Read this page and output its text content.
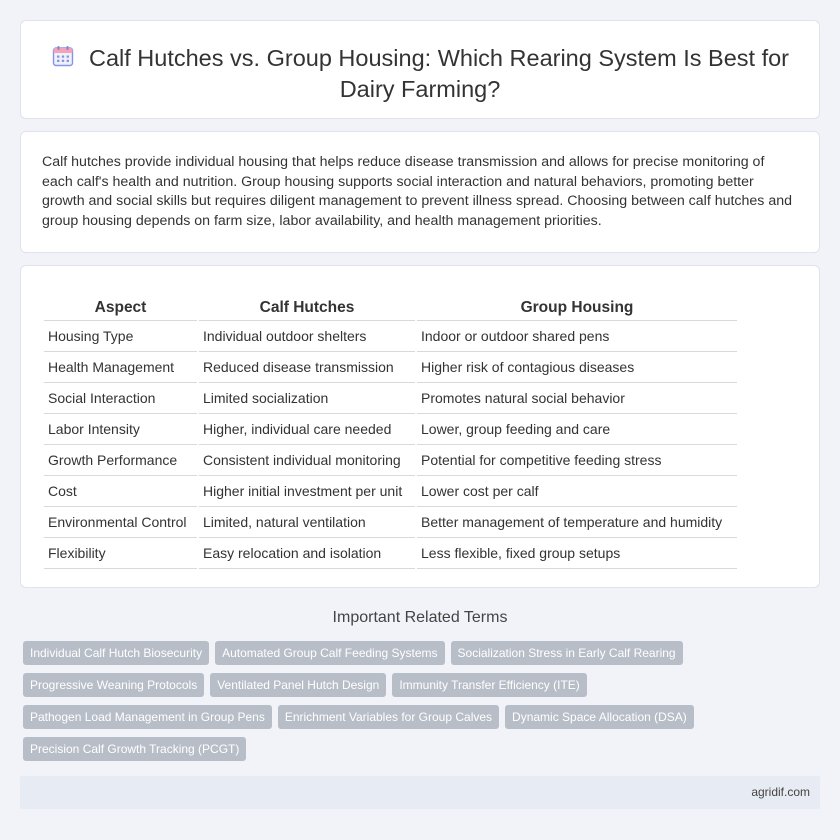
Calf Hutches vs. Group Housing: Which Rearing System Is Best for Dairy Farming?

Calf hutches provide individual housing that helps reduce disease transmission and allows for precise monitoring of each calf's health and nutrition. Group housing supports social interaction and natural behaviors, promoting better growth and social skills but requires diligent management to prevent illness spread. Choosing between calf hutches and group housing depends on farm size, labor availability, and health management priorities.

Aspect	Calf Hutches	Group Housing
Housing Type	Individual outdoor shelters	Indoor or outdoor shared pens
Health Management	Reduced disease transmission	Higher risk of contagious diseases
Social Interaction	Limited socialization	Promotes natural social behavior
Labor Intensity	Higher, individual care needed	Lower, group feeding and care
Growth Performance	Consistent individual monitoring	Potential for competitive feeding stress
Cost	Higher initial investment per unit	Lower cost per calf
Environmental Control	Limited, natural ventilation	Better management of temperature and humidity
Flexibility	Easy relocation and isolation	Less flexible, fixed group setups
Important Related Terms
Individual Calf Hutch Biosecurity	Automated Group Calf Feeding Systems	Socialization Stress in Early Calf Rearing
Progressive Weaning Protocols	Ventilated Panel Hutch Design	Immunity Transfer Efficiency (ITE)
Pathogen Load Management in Group Pens	Enrichment Variables for Group Calves	Dynamic Space Allocation (DSA)
Precision Calf Growth Tracking (PCGT)
agridif.com
